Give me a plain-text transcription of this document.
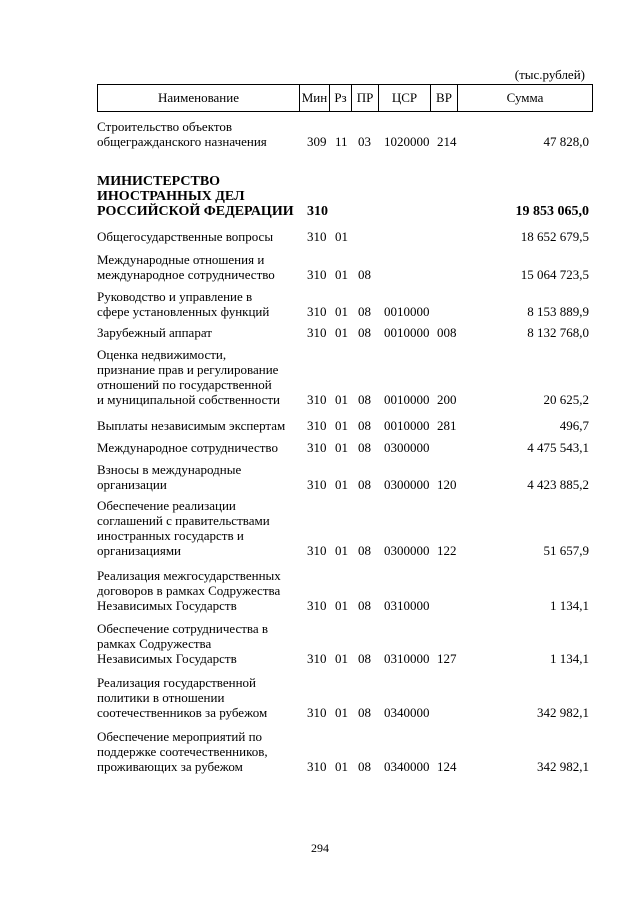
(тыс.рублей)
Наименование	Мин Рз ПР	ЦСР	ВР	Сумма
Строительство объектов
общегражданского назначения	309 11 03 1020000 214	47 828,0
МИНИСТЕРСТВО
ИНОСТРАННЫХ ДЕЛ
РОССИЙСКОЙ ФЕДЕРАЦИИ 310	19 853 065,0
Общегосударственные вопросы	310 01	18 652 679,5
Международные отношения и
международное сотрудничество	310 01 08	15 064 723,5
Руководство и управление в
сфере установленных функций	310 01 08 0010000	8 153 889,9
Зарубежный аппарат	310 01 08 0010000 008	8 132 768,0
Оценка недвижимости,
признание прав и регулирование
отношений по государственной
и муниципальной собственности	310 01 08 0010000 200	20 625,2
Выплаты независимым экспертам	310 01 08 0010000 281	496,7
Международное сотрудничество	310 01 08 0300000	4 475 543,1
Взносы в международные
организации	310 01 08 0300000 120	4 423 885,2
Обеспечение реализации
соглашений с правительствами
иностранных государств и
организациями	310 01 08 0300000 122	51 657,9
Реализация межгосударственных
договоров в рамках Содружества
Независимых Государств	310 01 08 0310000	1 134,1
Обеспечение сотрудничества в
рамках Содружества
Независимых Государств	310 01 08 0310000 127	1 134,1
Реализация государственной
политики в отношении
соотечественников за рубежом	310 01 08 0340000	342 982,1
Обеспечение мероприятий по
поддержке соотечественников,
проживающих за рубежом	310 01 08 0340000 124	342 982,1
294
